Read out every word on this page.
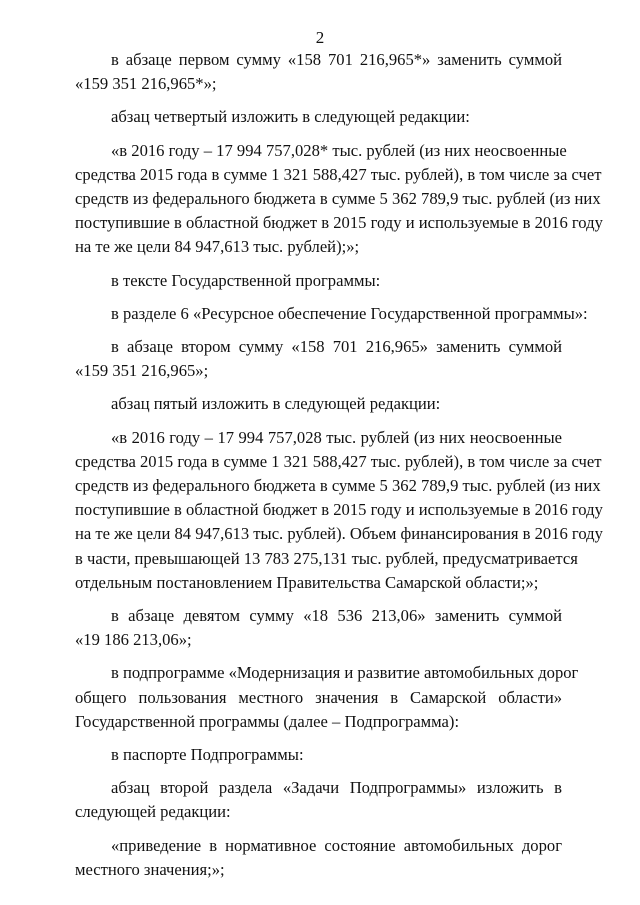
2
в абзаце первом сумму «158 701 216,965*» заменить суммой
«159 351 216,965*»;
абзац четвертый изложить в следующей редакции:
«в 2016 году – 17 994 757,028* тыс. рублей (из них неосвоенные
средства 2015 года в сумме 1 321 588,427 тыс. рублей), в том числе за счет
средств из федерального бюджета в сумме 5 362 789,9 тыс. рублей (из них
поступившие в областной бюджет в 2015 году и используемые в 2016 году
на те же цели 84 947,613 тыс. рублей);»;
в тексте Государственной программы:
в разделе 6 «Ресурсное обеспечение Государственной программы»:
в абзаце втором сумму «158 701 216,965» заменить суммой
«159 351 216,965»;
абзац пятый изложить в следующей редакции:
«в 2016 году – 17 994 757,028 тыс. рублей (из них неосвоенные
средства 2015 года в сумме 1 321 588,427 тыс. рублей), в том числе за счет
средств из федерального бюджета в сумме 5 362 789,9 тыс. рублей (из них
поступившие в областной бюджет в 2015 году и используемые в 2016 году
на те же цели 84 947,613 тыс. рублей). Объем финансирования в 2016 году
в части, превышающей 13 783 275,131 тыс. рублей, предусматривается
отдельным постановлением Правительства Самарской области;»;
в абзаце девятом сумму «18 536 213,06» заменить суммой
«19 186 213,06»;
в подпрограмме «Модернизация и развитие автомобильных дорог
общего пользования местного значения в Самарской области»
Государственной программы (далее – Подпрограмма):
в паспорте Подпрограммы:
абзац второй раздела «Задачи Подпрограммы» изложить в
следующей редакции:
«приведение в нормативное состояние автомобильных дорог
местного значения;»;
